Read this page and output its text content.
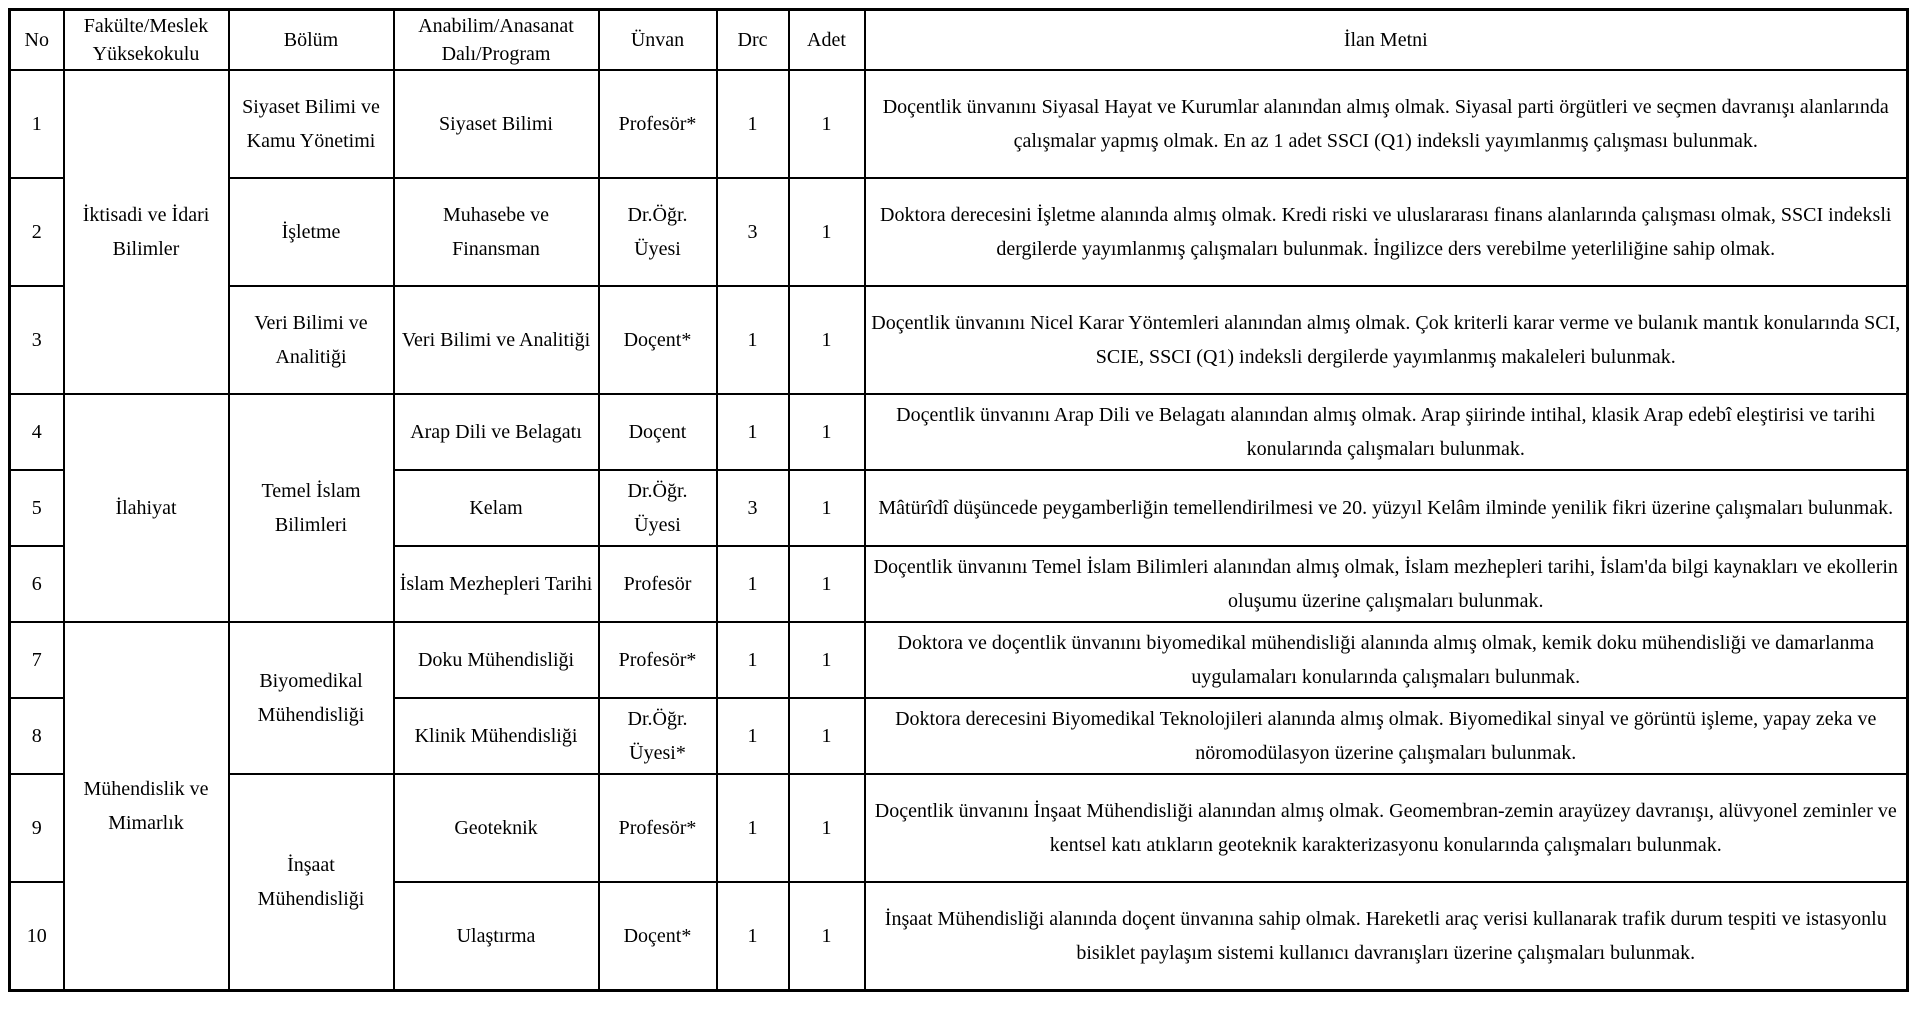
No	Fakülte/Meslek Yüksekokulu	Bölüm	Anabilim/Anasanat Dalı/Program	Ünvan	Drc	Adet	İlan Metni
1	İktisadi ve İdari Bilimler	Siyaset Bilimi ve Kamu Yönetimi	Siyaset Bilimi	Profesör*	1	1	Doçentlik ünvanını Siyasal Hayat ve Kurumlar alanından almış olmak. Siyasal parti örgütleri ve seçmen davranışı alanlarında çalışmalar yapmış olmak. En az 1 adet SSCI (Q1) indeksli yayımlanmış çalışması bulunmak.
2		İşletme	Muhasebe ve Finansman	Dr.Öğr. Üyesi	3	1	Doktora derecesini İşletme alanında almış olmak. Kredi riski ve uluslararası finans alanlarında çalışması olmak, SSCI indeksli dergilerde yayımlanmış çalışmaları bulunmak. İngilizce ders verebilme yeterliliğine sahip olmak.
3		Veri Bilimi ve Analitiği	Veri Bilimi ve Analitiği	Doçent*	1	1	Doçentlik ünvanını Nicel Karar Yöntemleri alanından almış olmak. Çok kriterli karar verme ve bulanık mantık konularında SCI, SCIE, SSCI (Q1) indeksli dergilerde yayımlanmış makaleleri bulunmak.
4	İlahiyat	Temel İslam Bilimleri	Arap Dili ve Belagatı	Doçent	1	1	Doçentlik ünvanını Arap Dili ve Belagatı alanından almış olmak. Arap şiirinde intihal, klasik Arap edebî eleştirisi ve tarihi konularında çalışmaları bulunmak.
5			Kelam	Dr.Öğr. Üyesi	3	1	Mâtürîdî düşüncede peygamberliğin temellendirilmesi ve 20. yüzyıl Kelâm ilminde yenilik fikri üzerine çalışmaları bulunmak.
6			İslam Mezhepleri Tarihi	Profesör	1	1	Doçentlik ünvanını Temel İslam Bilimleri alanından almış olmak, İslam mezhepleri tarihi, İslam'da bilgi kaynakları ve ekollerin oluşumu üzerine çalışmaları bulunmak.
7	Mühendislik ve Mimarlık	Biyomedikal Mühendisliği	Doku Mühendisliği	Profesör*	1	1	Doktora ve doçentlik ünvanını biyomedikal mühendisliği alanında almış olmak, kemik doku mühendisliği ve damarlanma uygulamaları konularında çalışmaları bulunmak.
8			Klinik Mühendisliği	Dr.Öğr. Üyesi*	1	1	Doktora derecesini Biyomedikal Teknolojileri alanında almış olmak. Biyomedikal sinyal ve görüntü işleme, yapay zeka ve nöromodülasyon üzerine çalışmaları bulunmak.
9		İnşaat Mühendisliği	Geoteknik	Profesör*	1	1	Doçentlik ünvanını İnşaat Mühendisliği alanından almış olmak. Geomembran-zemin arayüzey davranışı, alüvyonel zeminler ve kentsel katı atıkların geoteknik karakterizasyonu konularında çalışmaları bulunmak.
10			Ulaştırma	Doçent*	1	1	İnşaat Mühendisliği alanında doçent ünvanına sahip olmak. Hareketli araç verisi kullanarak trafik durum tespiti ve istasyonlu bisiklet paylaşım sistemi kullanıcı davranışları üzerine çalışmaları bulunmak.
